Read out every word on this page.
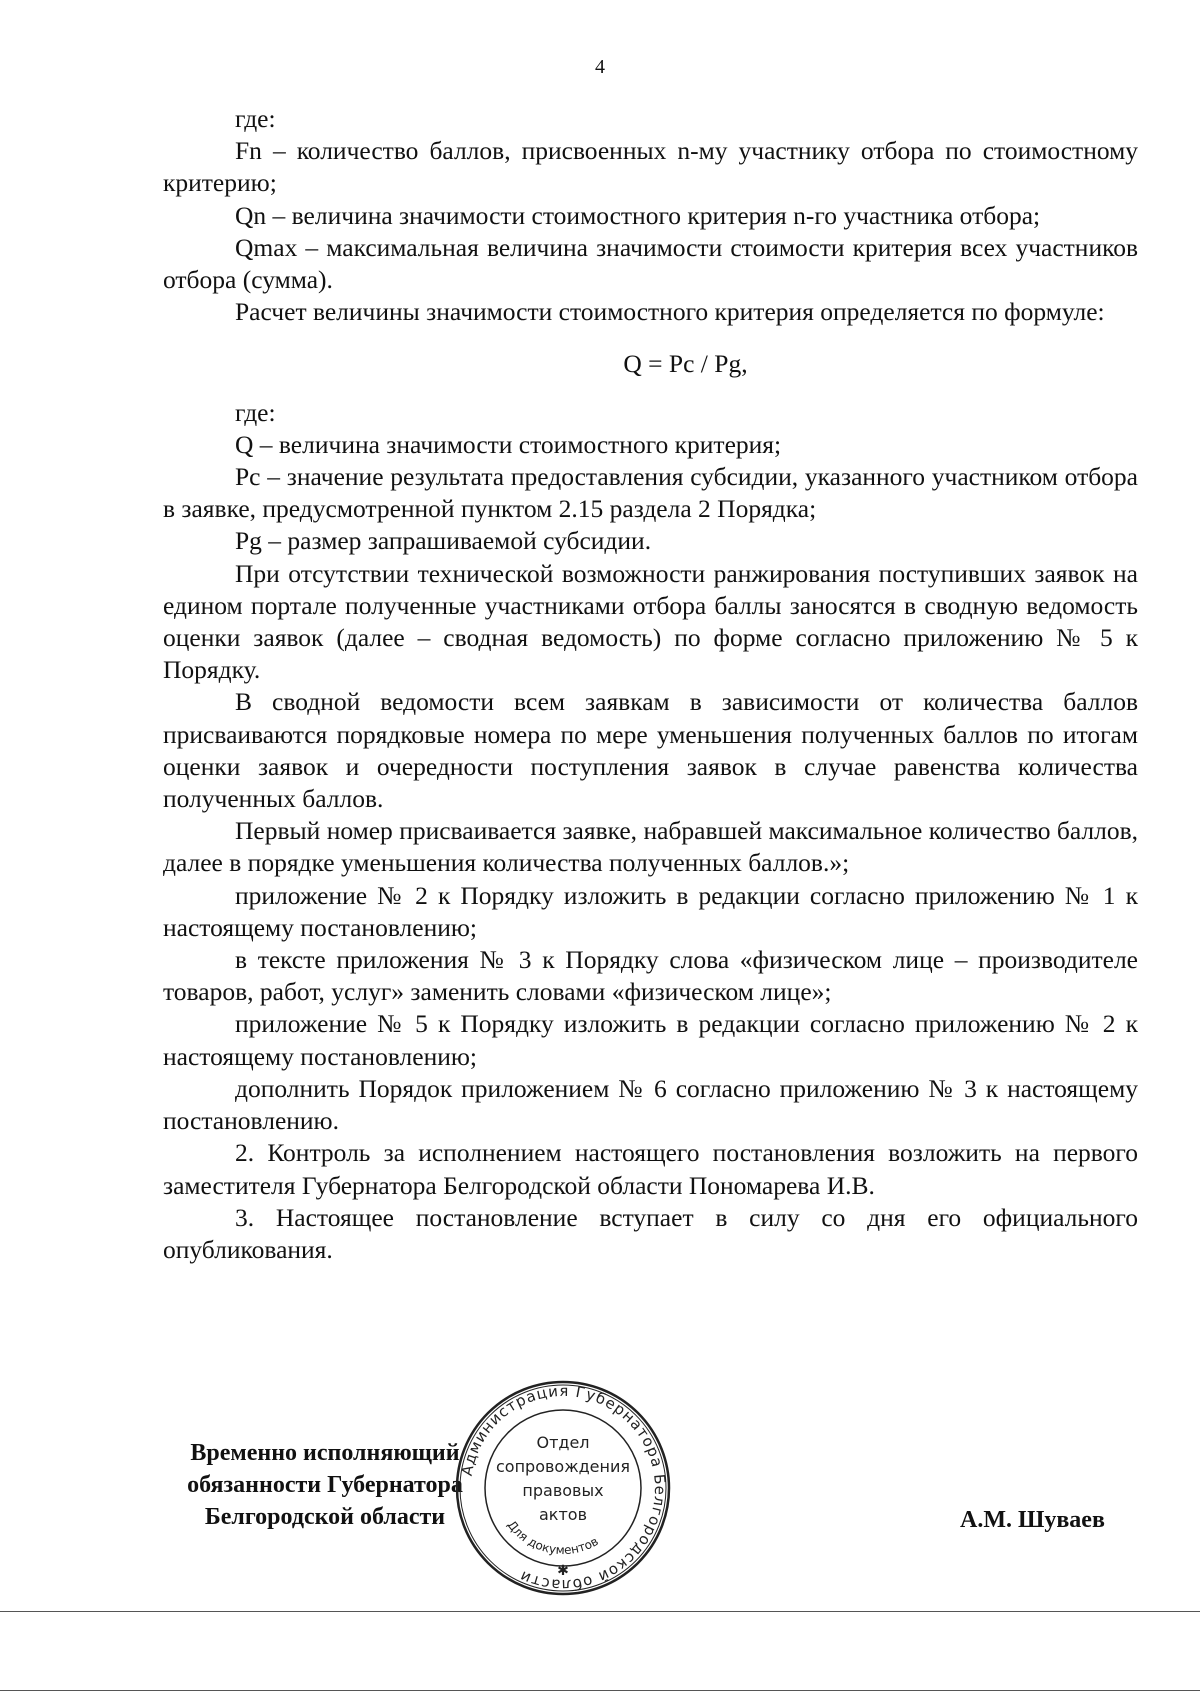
4

где:

Fn – количество баллов, присвоенных n-му участнику отбора по стоимостному критерию;

Qn – величина значимости стоимостного критерия n-го участника отбора;

Qmax – максимальная величина значимости стоимости критерия всех участников отбора (сумма).

Расчет величины значимости стоимостного критерия определяется по формуле:

Q = Pc / Pg,

где:

Q – величина значимости стоимостного критерия;

Pc – значение результата предоставления субсидии, указанного участником отбора в заявке, предусмотренной пунктом 2.15 раздела 2 Порядка;

Pg – размер запрашиваемой субсидии.

При отсутствии технической возможности ранжирования поступивших заявок на едином портале полученные участниками отбора баллы заносятся в сводную ведомость оценки заявок (далее – сводная ведомость) по форме согласно приложению № 5 к Порядку.

В сводной ведомости всем заявкам в зависимости от количества баллов присваиваются порядковые номера по мере уменьшения полученных баллов по итогам оценки заявок и очередности поступления заявок в случае равенства количества полученных баллов.

Первый номер присваивается заявке, набравшей максимальное количество баллов, далее в порядке уменьшения количества полученных баллов.»;

приложение № 2 к Порядку изложить в редакции согласно приложению № 1 к настоящему постановлению;

в тексте приложения № 3 к Порядку слова «физическом лице – производителе товаров, работ, услуг» заменить словами «физическом лице»;

приложение № 5 к Порядку изложить в редакции согласно приложению № 2 к настоящему постановлению;

дополнить Порядок приложением № 6 согласно приложению № 3 к настоящему постановлению.

2. Контроль за исполнением настоящего постановления возложить на первого заместителя Губернатора Белгородской области Пономарева И.В.

3. Настоящее постановление вступает в силу со дня его официального опубликования.

Временно исполняющий
обязанности Губернатора
Белгородской области
Администрация Губернатора Белгородской области
Отдел
сопровождения
правовых
актов
Для документов
✱
А.М. Шуваев
